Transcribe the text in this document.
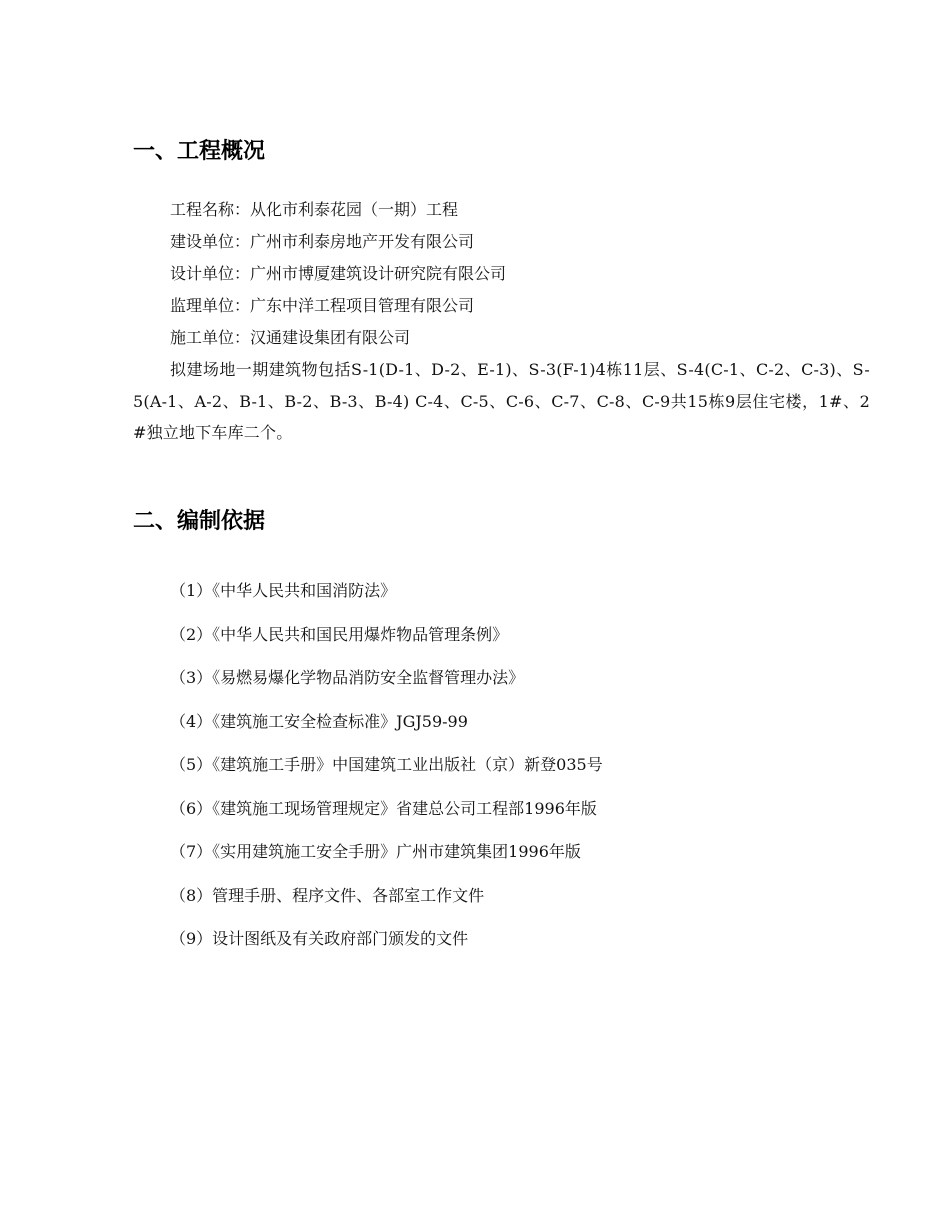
一、工程概况

工程名称：从化市利泰花园（一期）工程

建设单位：广州市利泰房地产开发有限公司

设计单位：广州市博厦建筑设计研究院有限公司

监理单位：广东中洋工程项目管理有限公司

施工单位：汉通建设集团有限公司

拟建场地一期建筑物包括S-1(D-1、D-2、E-1)、S-3(F-1)4栋11层、S-4(C-1、C-2、C-3)、S-5(A-1、A-2、B-1、B-2、B-3、B-4) C-4、C-5、C-6、C-7、C-8、C-9共15栋9层住宅楼，1#、2#独立地下车库二个。

二、编制依据
（1）《中华人民共和国消防法》
（2）《中华人民共和国民用爆炸物品管理条例》
（3）《易燃易爆化学物品消防安全监督管理办法》
（4）《建筑施工安全检查标准》JGJ59-99
（5）《建筑施工手册》中国建筑工业出版社（京）新登035号
（6）《建筑施工现场管理规定》省建总公司工程部1996年版
（7）《实用建筑施工安全手册》广州市建筑集团1996年版
（8）管理手册、程序文件、各部室工作文件
（9）设计图纸及有关政府部门颁发的文件
